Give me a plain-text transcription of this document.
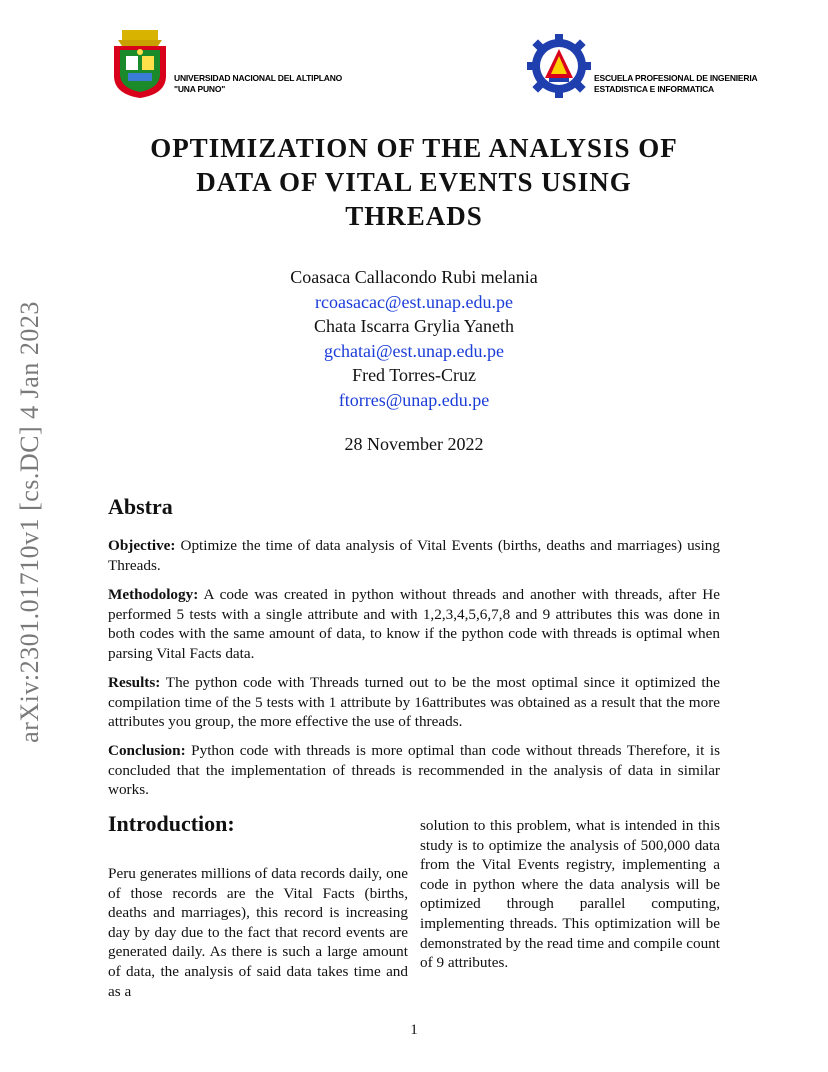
arXiv:2301.01710v1 [cs.DC] 4 Jan 2023
UNIVERSIDAD NACIONAL DEL ALTIPLANO
"UNA PUNO"
ESCUELA PROFESIONAL DE INGENIERIA
ESTADISTICA E INFORMATICA
OPTIMIZATION OF THE ANALYSIS OF
DATA OF VITAL EVENTS USING
THREADS
Coasaca Callacondo Rubi melania
rcoasacac@est.unap.edu.pe
Chata Iscarra Grylia Yaneth
gchatai@est.unap.edu.pe
Fred Torres-Cruz
ftorres@unap.edu.pe
28 November 2022
Abstra
Objective: Optimize the time of data analysis of Vital Events (births, deaths and marriages) using Threads.
Methodology: A code was created in python without threads and another with threads, after He performed 5 tests with a single attribute and with 1,2,3,4,5,6,7,8 and 9 attributes this was done in both codes with the same amount of data, to know if the python code with threads is optimal when parsing Vital Facts data.
Results: The python code with Threads turned out to be the most optimal since it optimized the compilation time of the 5 tests with 1 attribute by 16attributes was obtained as a result that the more attributes you group, the more effective the use of threads.
Conclusion: Python code with threads is more optimal than code without threads Therefore, it is concluded that the implementation of threads is recommended in the analysis of data in similar works.
Introduction:
Peru generates millions of data records daily, one of those records are the Vital Facts (births, deaths and marriages), this record is increasing day by day due to the fact that record events are generated daily. As there is such a large amount of data, the analysis of said data takes time and as a
solution to this problem, what is intended in this study is to optimize the analysis of 500,000 data from the Vital Events registry, implementing a code in python where the data analysis will be optimized through parallel computing, implementing threads. This optimization will be demonstrated by the read time and compile count of 9 attributes.
1
